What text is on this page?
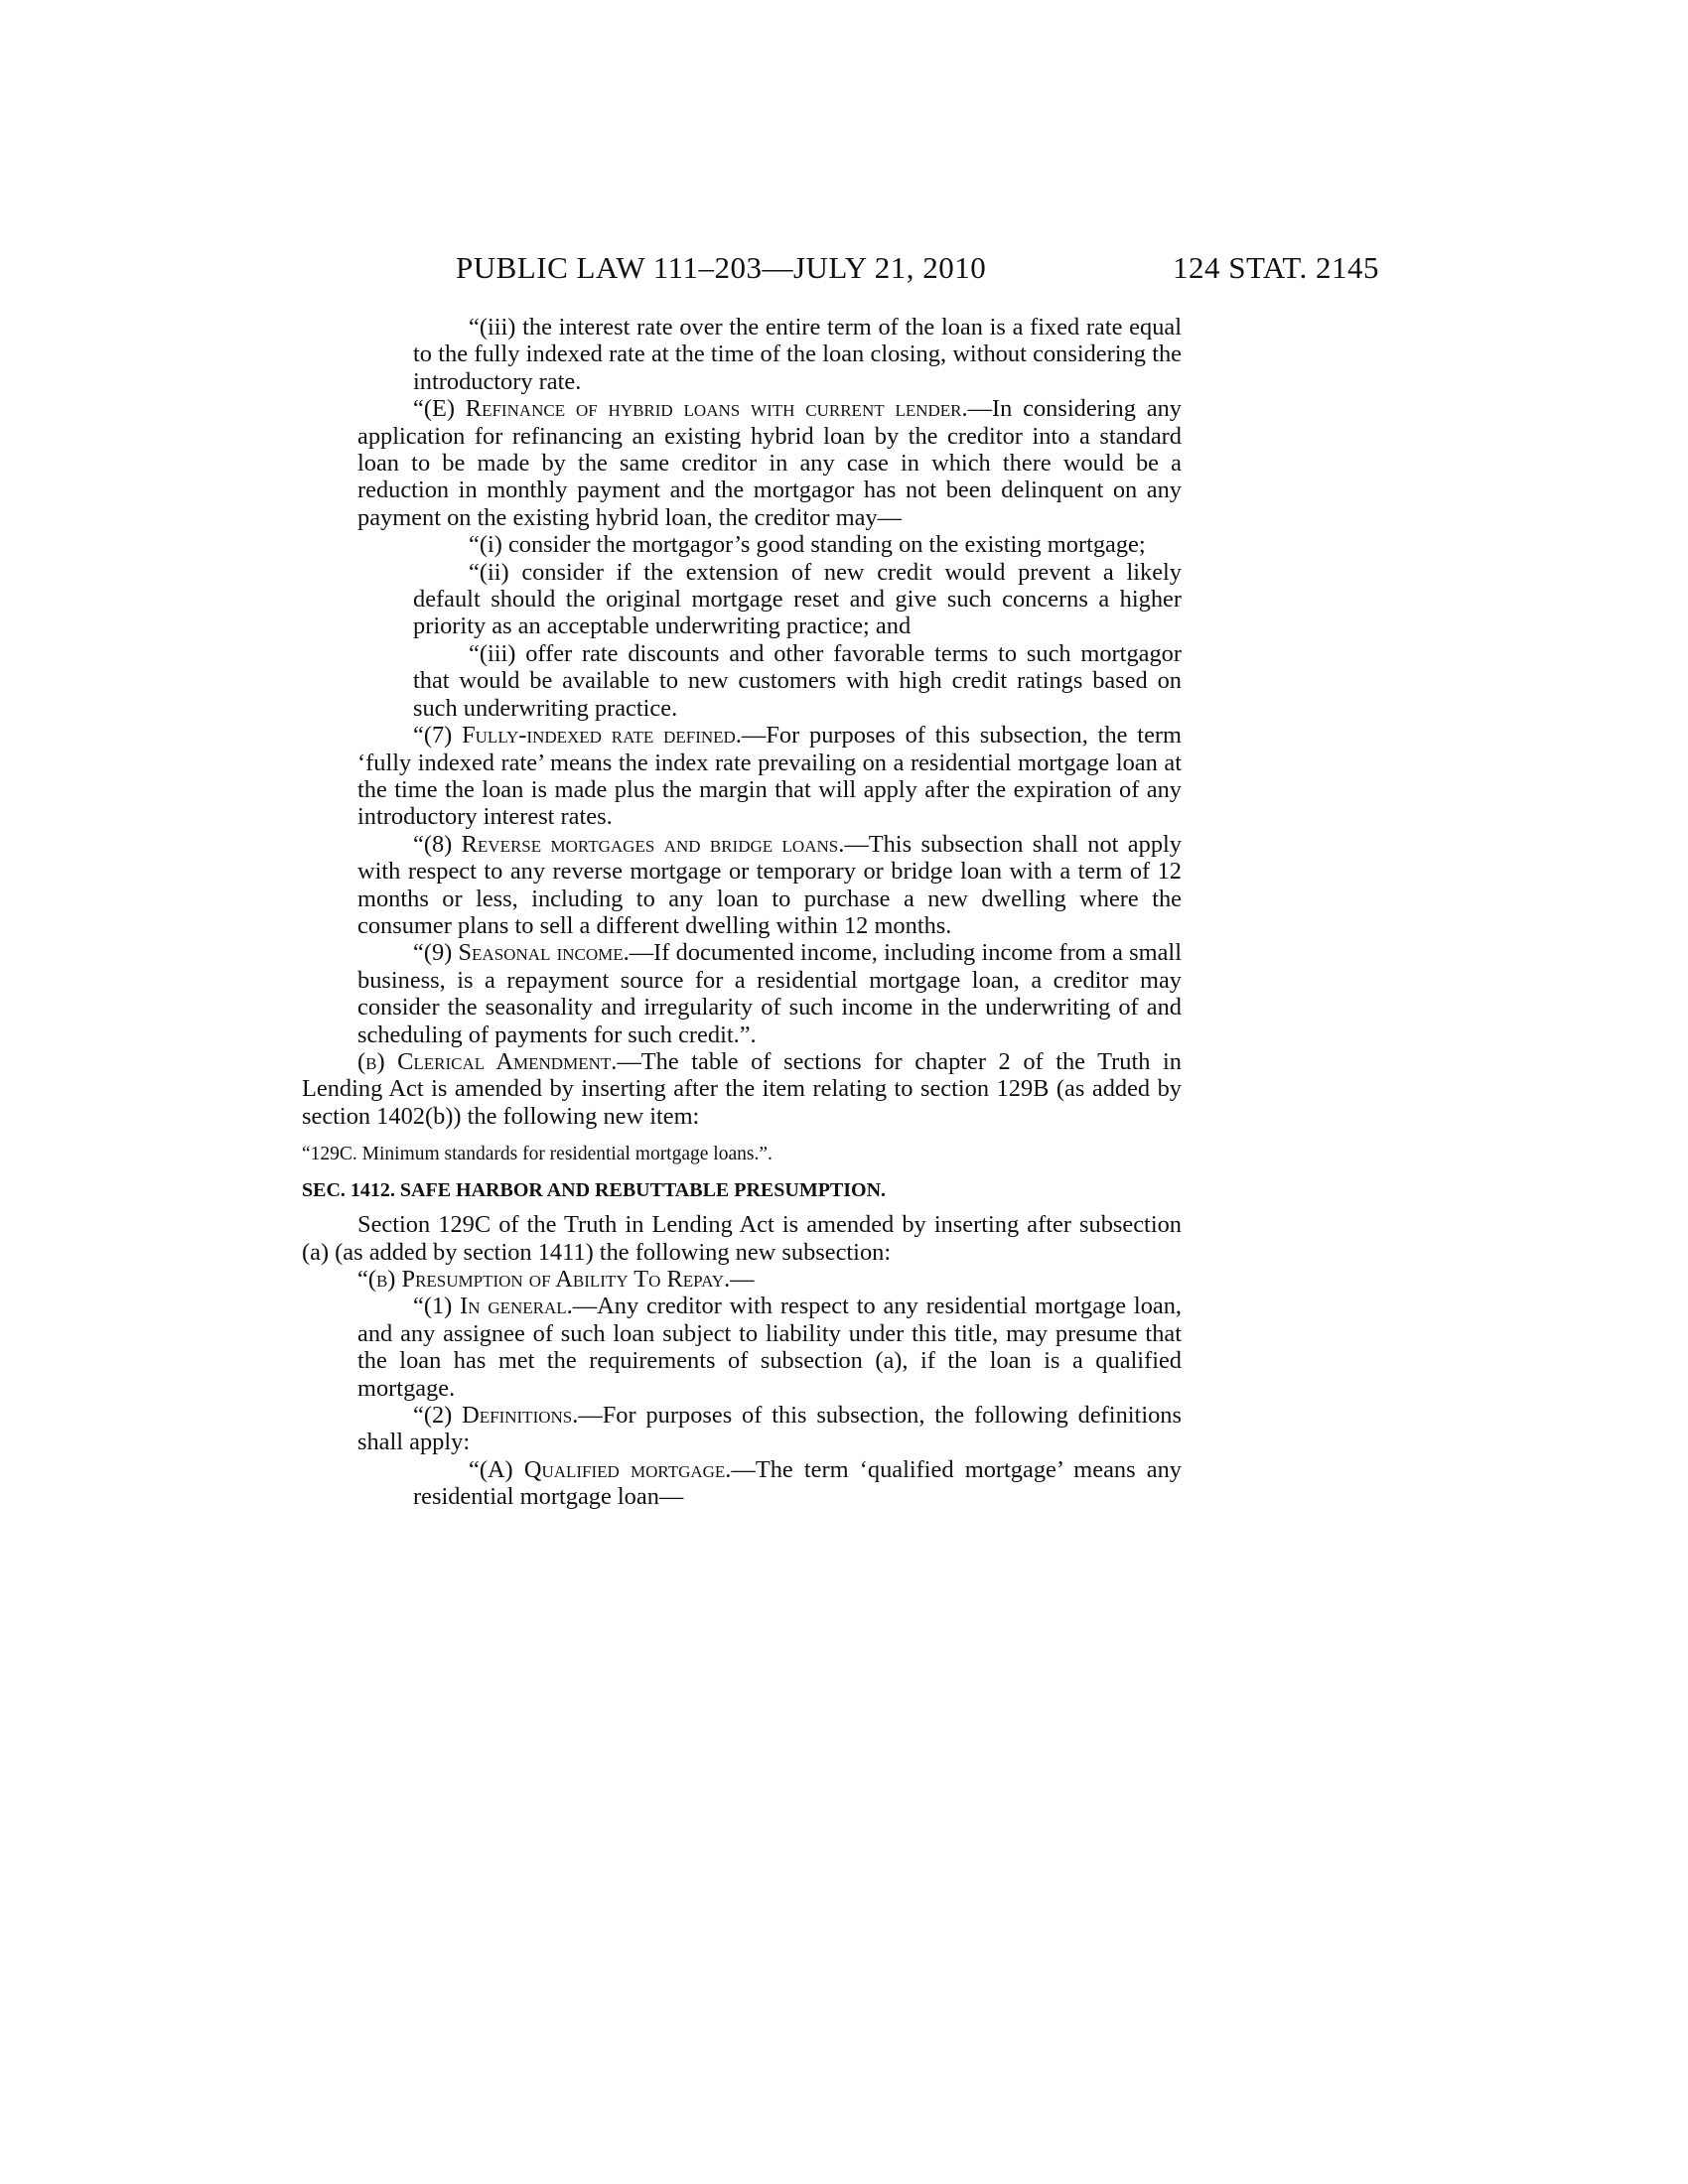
PUBLIC LAW 111–203—JULY 21, 2010	124 STAT. 2145

“(iii) the interest rate over the entire term of the loan is a fixed rate equal to the fully indexed rate at the time of the loan closing, without considering the introductory rate.

“(E) Refinance of hybrid loans with current lender.—In considering any application for refinancing an existing hybrid loan by the creditor into a standard loan to be made by the same creditor in any case in which there would be a reduction in monthly payment and the mortgagor has not been delinquent on any payment on the existing hybrid loan, the creditor may—

“(i) consider the mortgagor’s good standing on the existing mortgage;

“(ii) consider if the extension of new credit would prevent a likely default should the original mortgage reset and give such concerns a higher priority as an acceptable underwriting practice; and

“(iii) offer rate discounts and other favorable terms to such mortgagor that would be available to new customers with high credit ratings based on such underwriting practice.

“(7) Fully-indexed rate defined.—For purposes of this subsection, the term ‘fully indexed rate’ means the index rate prevailing on a residential mortgage loan at the time the loan is made plus the margin that will apply after the expiration of any introductory interest rates.

“(8) Reverse mortgages and bridge loans.—This subsection shall not apply with respect to any reverse mortgage or temporary or bridge loan with a term of 12 months or less, including to any loan to purchase a new dwelling where the consumer plans to sell a different dwelling within 12 months.

“(9) Seasonal income.—If documented income, including income from a small business, is a repayment source for a residential mortgage loan, a creditor may consider the seasonality and irregularity of such income in the underwriting of and scheduling of payments for such credit.”.

(b) Clerical Amendment.—The table of sections for chapter 2 of the Truth in Lending Act is amended by inserting after the item relating to section 129B (as added by section 1402(b)) the following new item:

“129C. Minimum standards for residential mortgage loans.”.

SEC. 1412. SAFE HARBOR AND REBUTTABLE PRESUMPTION.

Section 129C of the Truth in Lending Act is amended by inserting after subsection (a) (as added by section 1411) the following new subsection:

“(b) Presumption of Ability To Repay.—

“(1) In general.—Any creditor with respect to any residential mortgage loan, and any assignee of such loan subject to liability under this title, may presume that the loan has met the requirements of subsection (a), if the loan is a qualified mortgage.

“(2) Definitions.—For purposes of this subsection, the following definitions shall apply:

“(A) Qualified mortgage.—The term ‘qualified mortgage’ means any residential mortgage loan—
